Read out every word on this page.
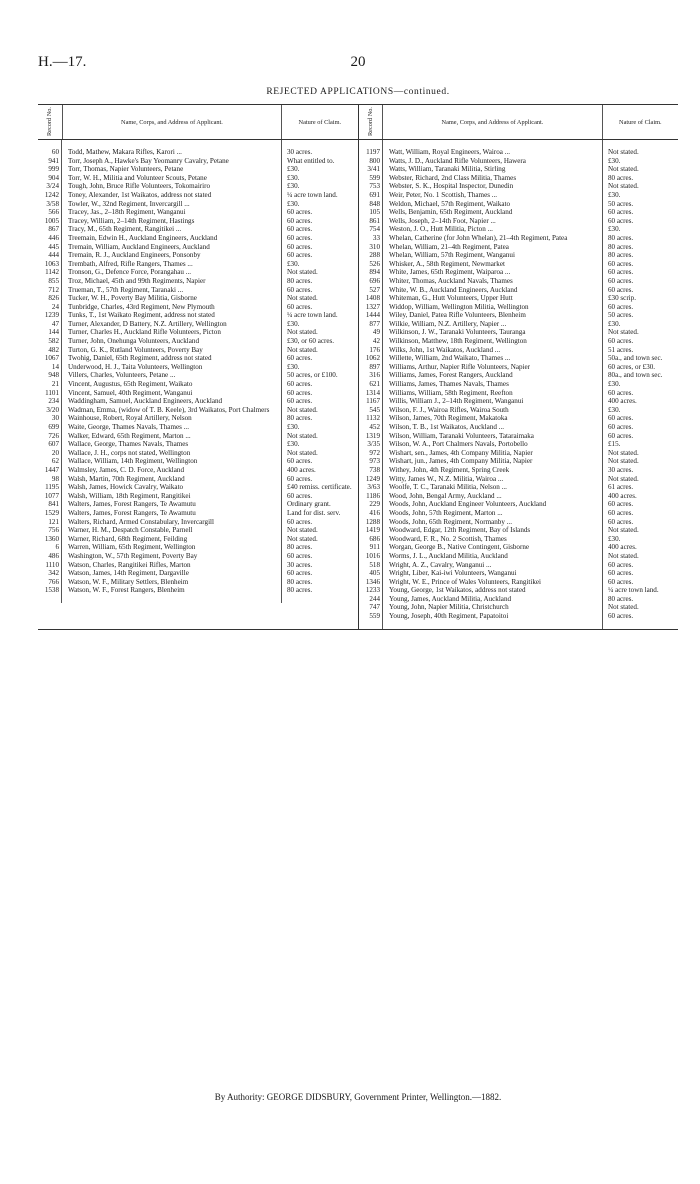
20
H.—17.
REJECTED APPLICATIONS—continued.
Record No.	Name, Corps, and Address of Applicant.	Nature of Claim.	Record No.	Name, Corps, and Address of Applicant.	Nature of Claim.
60	Todd, Mathew, Makara Rifles, Karori ...	30 acres.
941	Torr, Joseph A., Hawke's Bay Yeomanry Cavalry, Petane	What entitled to.
999	Torr, Thomas, Napier Volunteers, Petane	£30.
904	Torr, W. H., Militia and Volunteer Scouts, Petane	£30.
3/24	Tough, John, Bruce Rifle Volunteers, Tokomairiro	£30.
1242	Toney, Alexander, 1st Waikatos, address not stated	¼ acre town land.
3/58	Towler, W., 32nd Regiment, Invercargill ...	£30.
566	Tracey, Jas., 2–18th Regiment, Wanganui	60 acres.
1005	Tracey, William, 2–14th Regiment, Hastings	60 acres.
867	Tracy, M., 65th Regiment, Rangitikei ...	60 acres.
446	Treemain, Edwin H., Auckland Engineers, Auckland	60 acres.
445	Tremain, William, Auckland Engineers, Auckland	60 acres.
444	Tremain, R. J., Auckland Engineers, Ponsonby	60 acres.
1063	Trembath, Alfred, Rifle Rangers, Thames ...	£30.
1142	Tronson, G., Defence Force, Porangahau ...	Not stated.
855	Troz, Michael, 45th and 99th Regiments, Napier	80 acres.
712	Trueman, T., 57th Regiment, Taranaki ...	60 acres.
826	Tucker, W. H., Poverty Bay Militia, Gisborne	Not stated.
24	Tunbridge, Charles, 43rd Regiment, New Plymouth	60 acres.
1239	Tunks, T., 1st Waikato Regiment, address not stated	¼ acre town land.
47	Turner, Alexander, D Battery, N.Z. Artillery, Wellington	£30.
144	Turner, Charles H., Auckland Rifle Volunteers, Picton	Not stated.
582	Turner, John, Onehunga Volunteers, Auckland	£30, or 60 acres.
482	Turton, G. K., Rutland Volunteers, Poverty Bay	Not stated.
1067	Twohig, Daniel, 65th Regiment, address not stated	60 acres.
14	Underwood, H. J., Taita Volunteers, Wellington	£30.
948	Villers, Charles, Volunteers, Petane ...	50 acres, or £100.
21	Vincent, Augustus, 65th Regiment, Waikato	60 acres.
1101	Vincent, Samuel, 40th Regiment, Wanganui	60 acres.
234	Waddingham, Samuel, Auckland Engineers, Auckland	60 acres.
3/20	Wadman, Emma, (widow of T. B. Keele), 3rd Waikatos, Port Chalmers	Not stated.
30	Wainhouse, Robert, Royal Artillery, Nelson	80 acres.
699	Waite, George, Thames Navals, Thames ...	£30.
726	Walker, Edward, 65th Regiment, Marton ...	Not stated.
607	Wallace, George, Thames Navals, Thames	£30.
20	Wallace, J. H., corps not stated, Wellington	Not stated.
62	Wallace, William, 14th Regiment, Wellington	60 acres.
1447	Walmsley, James, C. D. Force, Auckland	400 acres.
98	Walsh, Martin, 70th Regiment, Auckland	60 acres.
1195	Walsh, James, Howick Cavalry, Waikato	£40 remiss. certificate.
1077	Walsh, William, 18th Regiment, Rangitikei	60 acres.
841	Walters, James, Forest Rangers, Te Awamutu	Ordinary grant.
1529	Walters, James, Forest Rangers, Te Awamutu	Land for dist. serv.
121	Walters, Richard, Armed Constabulary, Invercargill	60 acres.
756	Warner, H. M., Despatch Constable, Parnell	Not stated.
1360	Warner, Richard, 68th Regiment, Feilding	Not stated.
6	Warren, William, 65th Regiment, Wellington	80 acres.
486	Washington, W., 57th Regiment, Poverty Bay	60 acres.
1110	Watson, Charles, Rangitikei Rifles, Marton	30 acres.
342	Watson, James, 14th Regiment, Dargaville	60 acres.
766	Watson, W. F., Military Settlers, Blenheim	80 acres.
1538	Watson, W. F., Forest Rangers, Blenheim	80 acres.
1197	Watt, William, Royal Engineers, Wairoa ...	Not stated.
800	Watts, J. D., Auckland Rifle Volunteers, Hawera	£30.
3/41	Watts, William, Taranaki Militia, Stirling	Not stated.
599	Webster, Richard, 2nd Class Militia, Thames	80 acres.
753	Webster, S. K., Hospital Inspector, Dunedin	Not stated.
691	Weir, Peter, No. 1 Scottish, Thames ...	£30.
848	Weldon, Michael, 57th Regiment, Waikato	50 acres.
105	Wells, Benjamin, 65th Regiment, Auckland	60 acres.
861	Wells, Joseph, 2–14th Foot, Napier ...	60 acres.
754	Weston, J. O., Hutt Militia, Picton ...	£30.
33	Whelan, Catherine (for John Whelan), 21–4th Regiment, Patea	80 acres.
310	Whelan, William, 21–4th Regiment, Patea	80 acres.
288	Whelan, William, 57th Regiment, Wanganui	80 acres.
526	Whisker, A., 58th Regiment, Newmarket	60 acres.
894	White, James, 65th Regiment, Waiparoa ...	60 acres.
696	Whiter, Thomas, Auckland Navals, Thames	60 acres.
527	White, W. B., Auckland Engineers, Auckland	60 acres.
1408	Whiteman, G., Hutt Volunteers, Upper Hutt	£30 scrip.
1327	Widdop, William, Wellington Militia, Wellington	60 acres.
1444	Wiley, Daniel, Patea Rifle Volunteers, Blenheim	50 acres.
877	Wilkie, William, N.Z. Artillery, Napier ...	£30.
49	Wilkinson, J. W., Taranaki Volunteers, Tauranga	Not stated.
42	Wilkinson, Matthew, 18th Regiment, Wellington	60 acres.
176	Wilks, John, 1st Waikatos, Auckland ...	51 acres.
1062	Willette, William, 2nd Waikato, Thames ...	50a., and town sec.
897	Williams, Arthur, Napier Rifle Volunteers, Napier	60 acres, or £30.
316	Williams, James, Forest Rangers, Auckland	80a., and town sec.
621	Williams, James, Thames Navals, Thames	£30.
1314	Williams, William, 58th Regiment, Reefton	60 acres.
1167	Willis, William J., 2–14th Regiment, Wanganui	400 acres.
545	Wilson, F. J., Wairoa Rifles, Wairoa South	£30.
1132	Wilson, James, 70th Regiment, Makatoka	60 acres.
452	Wilson, T. B., 1st Waikatos, Auckland ...	60 acres.
1319	Wilson, William, Taranaki Volunteers, Tataraimaka	60 acres.
3/35	Wilson, W. A., Port Chalmers Navals, Portobello	£15.
972	Wishart, sen., James, 4th Company Militia, Napier	Not stated.
973	Wishart, jun., James, 4th Company Militia, Napier	Not stated.
738	Withey, John, 4th Regiment, Spring Creek	30 acres.
1249	Witty, James W., N.Z. Militia, Wairoa ...	Not stated.
3/63	Woolfe, T. C., Taranaki Militia, Nelson ...	61 acres.
1186	Wood, John, Bengal Army, Auckland ...	400 acres.
229	Woods, John, Auckland Engineer Volunteers, Auckland	60 acres.
416	Woods, John, 57th Regiment, Marton ...	60 acres.
1288	Woods, John, 65th Regiment, Normanby ...	60 acres.
1419	Woodward, Edgar, 12th Regiment, Bay of Islands	Not stated.
686	Woodward, F. R., No. 2 Scottish, Thames	£30.
911	Worgan, George B., Native Contingent, Gisborne	400 acres.
1016	Worms, J. L., Auckland Militia, Auckland	Not stated.
518	Wright, A. Z., Cavalry, Wanganui ...	60 acres.
405	Wright, Liber, Kai-iwi Volunteers, Wanganui	60 acres.
1346	Wright, W. E., Prince of Wales Volunteers, Rangitikei	60 acres.
1233	Young, George, 1st Waikatos, address not stated	¼ acre town land.
244	Young, James, Auckland Militia, Auckland	80 acres.
747	Young, John, Napier Militia, Christchurch	Not stated.
559	Young, Joseph, 40th Regiment, Papatoitoi	60 acres.
By Authority: GEORGE DIDSBURY, Government Printer, Wellington.—1882.
